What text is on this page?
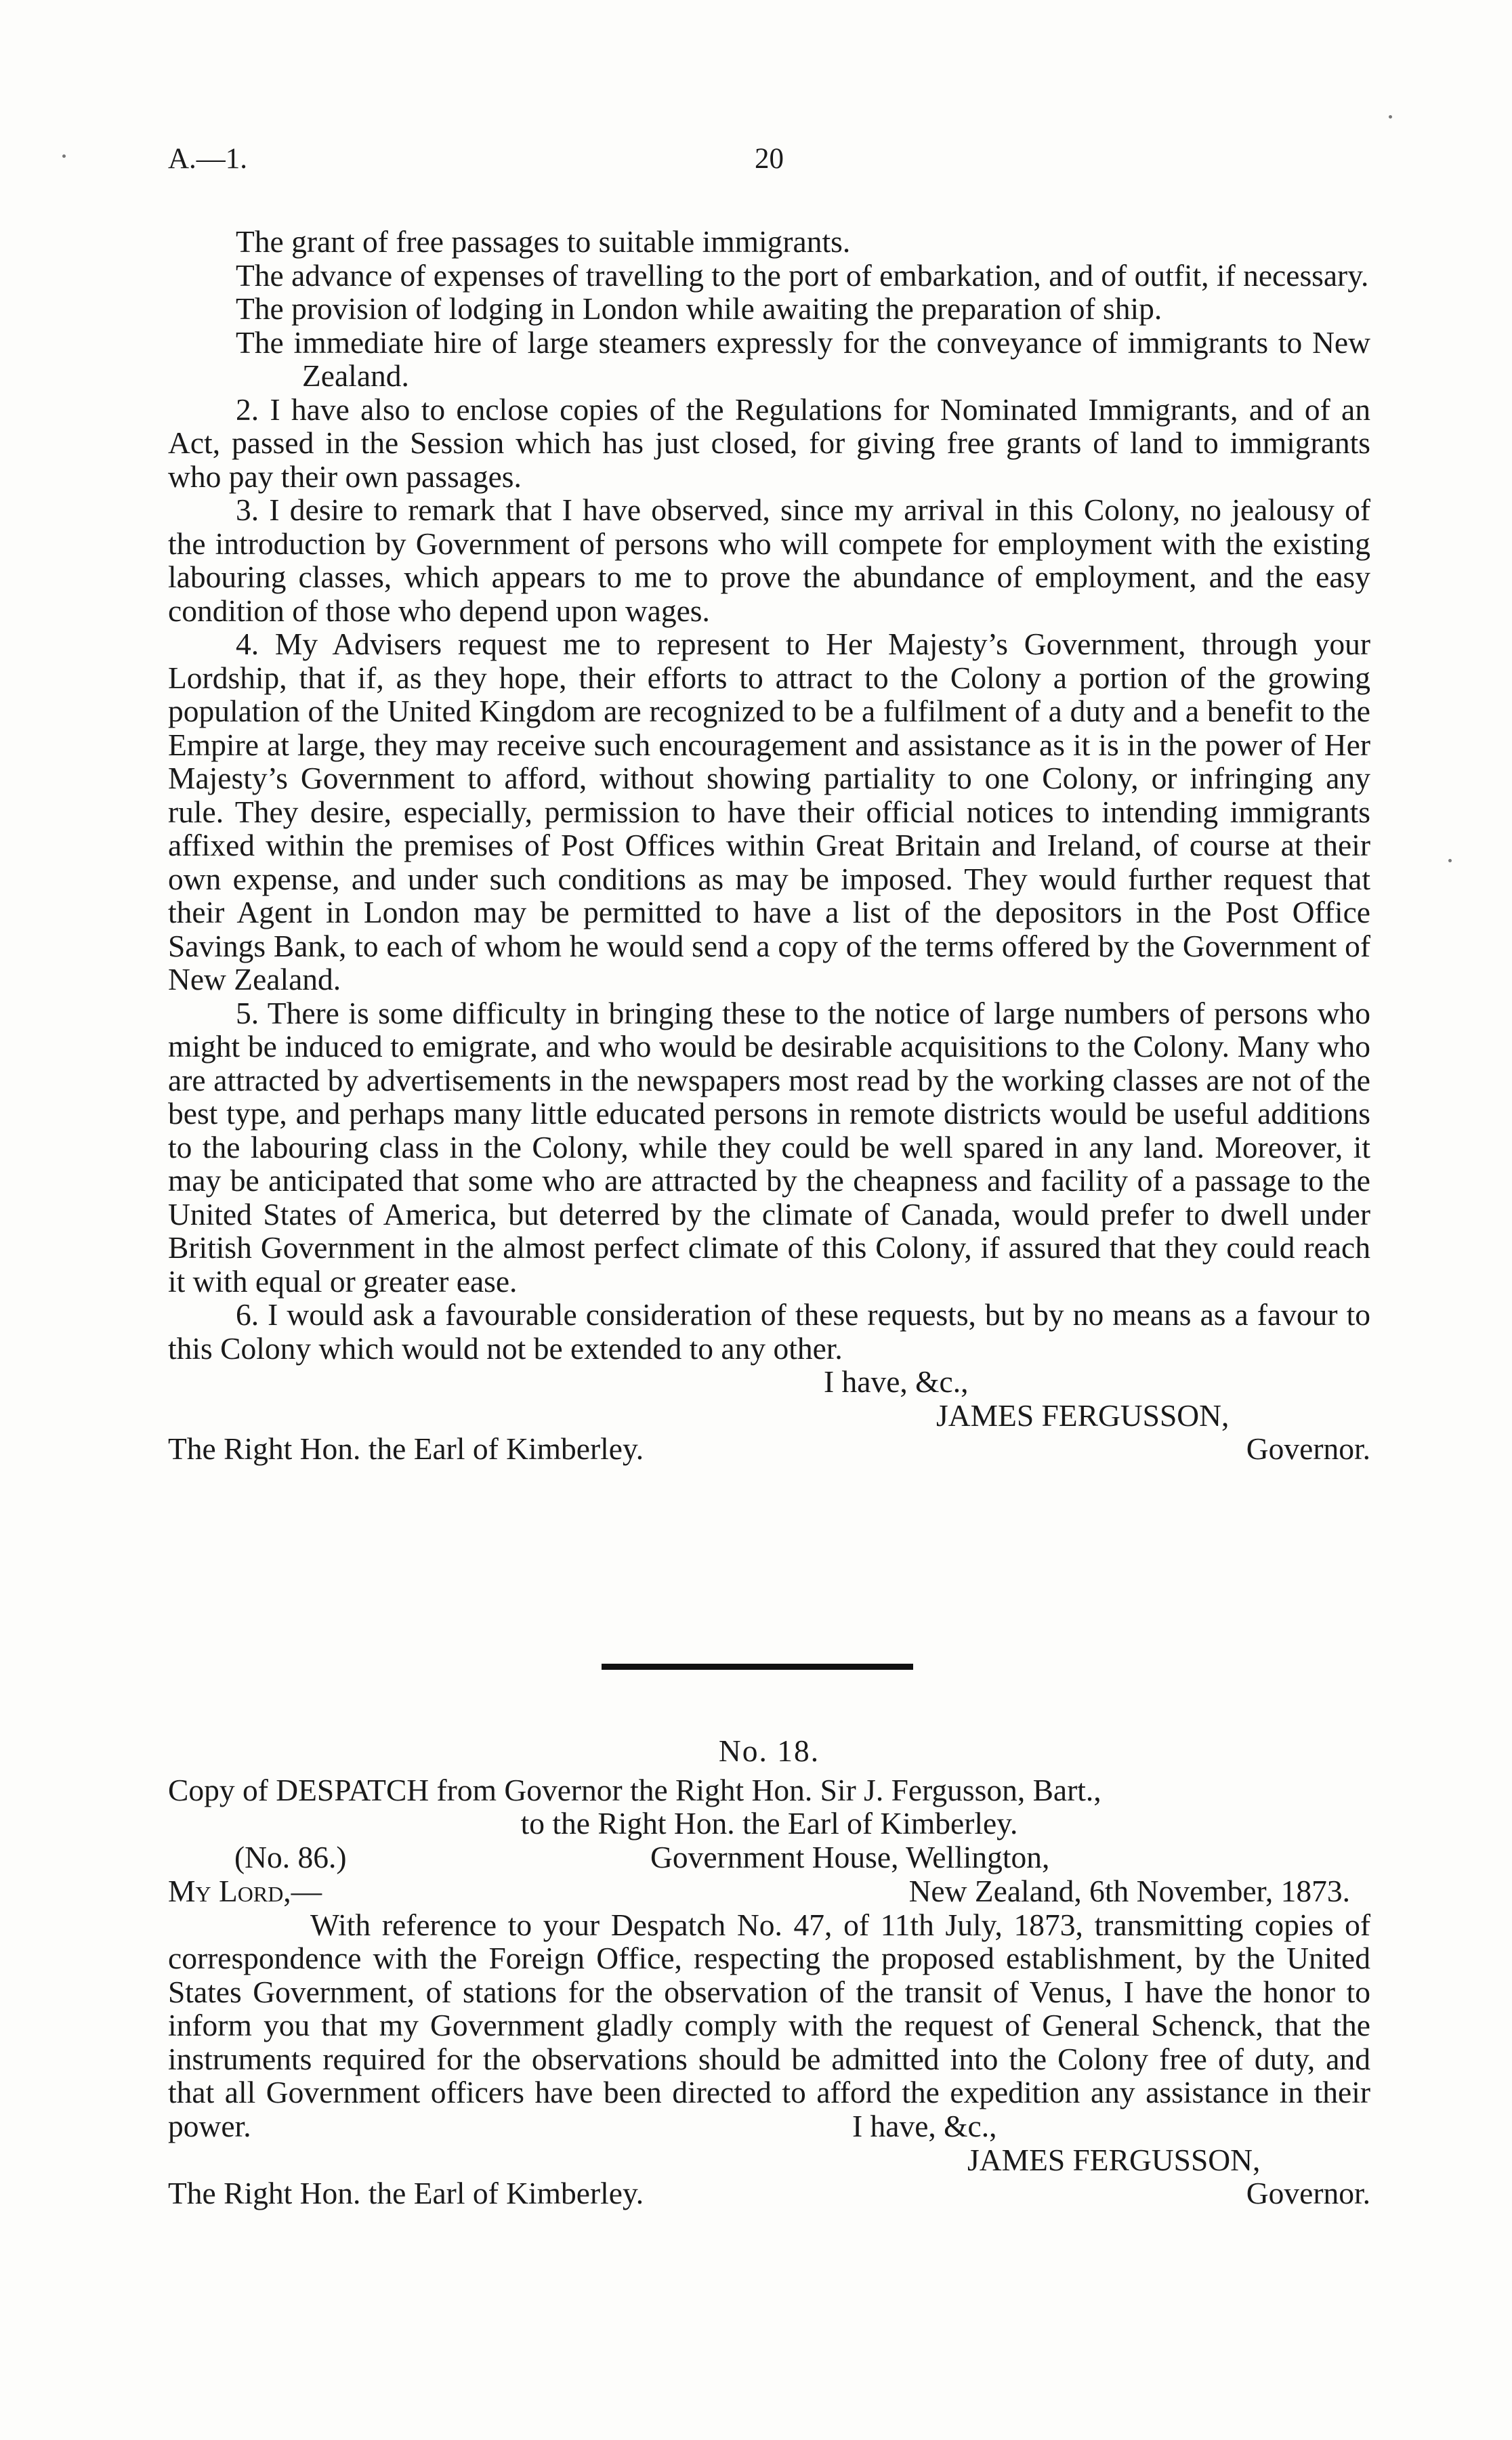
A.—1.	20

The grant of free passages to suitable immigrants.

The advance of expenses of travelling to the port of embarkation, and of outfit, if necessary.

The provision of lodging in London while awaiting the preparation of ship.

The immediate hire of large steamers expressly for the conveyance of immigrants to New Zealand.

2. I have also to enclose copies of the Regulations for Nominated Immigrants, and of an Act, passed in the Session which has just closed, for giving free grants of land to immigrants who pay their own passages.

3. I desire to remark that I have observed, since my arrival in this Colony, no jealousy of the introduction by Government of persons who will compete for employment with the existing labouring classes, which appears to me to prove the abundance of employment, and the easy condition of those who depend upon wages.

4. My Advisers request me to represent to Her Majesty’s Government, through your Lordship, that if, as they hope, their efforts to attract to the Colony a portion of the growing population of the United Kingdom are recognized to be a fulfilment of a duty and a benefit to the Empire at large, they may receive such encouragement and assistance as it is in the power of Her Majesty’s Government to afford, without showing partiality to one Colony, or infringing any rule. They desire, especially, permission to have their official notices to intending immigrants affixed within the premises of Post Offices within Great Britain and Ireland, of course at their own expense, and under such conditions as may be imposed. They would further request that their Agent in London may be permitted to have a list of the depositors in the Post Office Savings Bank, to each of whom he would send a copy of the terms offered by the Government of New Zealand.

5. There is some difficulty in bringing these to the notice of large numbers of persons who might be induced to emigrate, and who would be desirable acquisitions to the Colony. Many who are attracted by advertisements in the newspapers most read by the working classes are not of the best type, and perhaps many little educated persons in remote districts would be useful additions to the labouring class in the Colony, while they could be well spared in any land. Moreover, it may be anticipated that some who are attracted by the cheapness and facility of a passage to the United States of America, but deterred by the climate of Canada, would prefer to dwell under British Government in the almost perfect climate of this Colony, if assured that they could reach it with equal or greater ease.

6. I would ask a favourable consideration of these requests, but by no means as a favour to this Colony which would not be extended to any other.

I have, &c.,

JAMES FERGUSSON,

The Right Hon. the Earl of Kimberley.	Governor.

No. 18.

Copy of DESPATCH from Governor the Right Hon. Sir J. Fergusson, Bart.,

to the Right Hon. the Earl of Kimberley.

(No. 86.)	Government House, Wellington,
My Lord,—	New Zealand, 6th November, 1873.

With reference to your Despatch No. 47, of 11th July, 1873, transmitting copies of correspondence with the Foreign Office, respecting the proposed establishment, by the United States Government, of stations for the observation of the transit of Venus, I have the honor to inform you that my Government gladly comply with the request of General Schenck, that the instruments required for the observations should be admitted into the Colony free of duty, and that all Government officers have been directed to afford the expedition any assistance in their power.	I have, &c.,

JAMES FERGUSSON,

The Right Hon. the Earl of Kimberley.	Governor.
